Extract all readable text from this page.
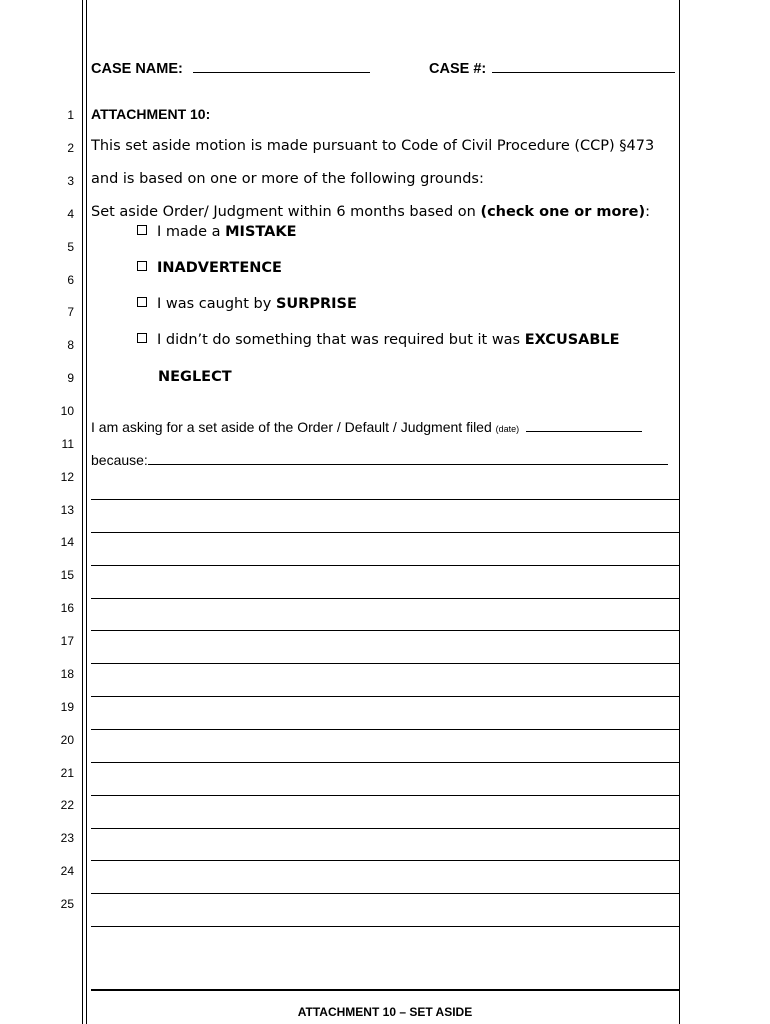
CASE NAME:	CASE #:
1
2
3
4
5
6
7
8
9
10
11
12
13
14
15
16
17
18
19
20
21
22
23
24
25
ATTACHMENT 10:
This set aside motion is made pursuant to Code of Civil Procedure (CCP) §473
and is based on one or more of the following grounds:
Set aside Order/ Judgment within 6 months based on (check one or more):
I made a MISTAKE
INADVERTENCE
I was caught by SURPRISE
I didn’t do something that was required but it was EXCUSABLE
NEGLECT
I am asking for a set aside of the Order / Default / Judgment filed (date)
because:
ATTACHMENT 10 – SET ASIDE
